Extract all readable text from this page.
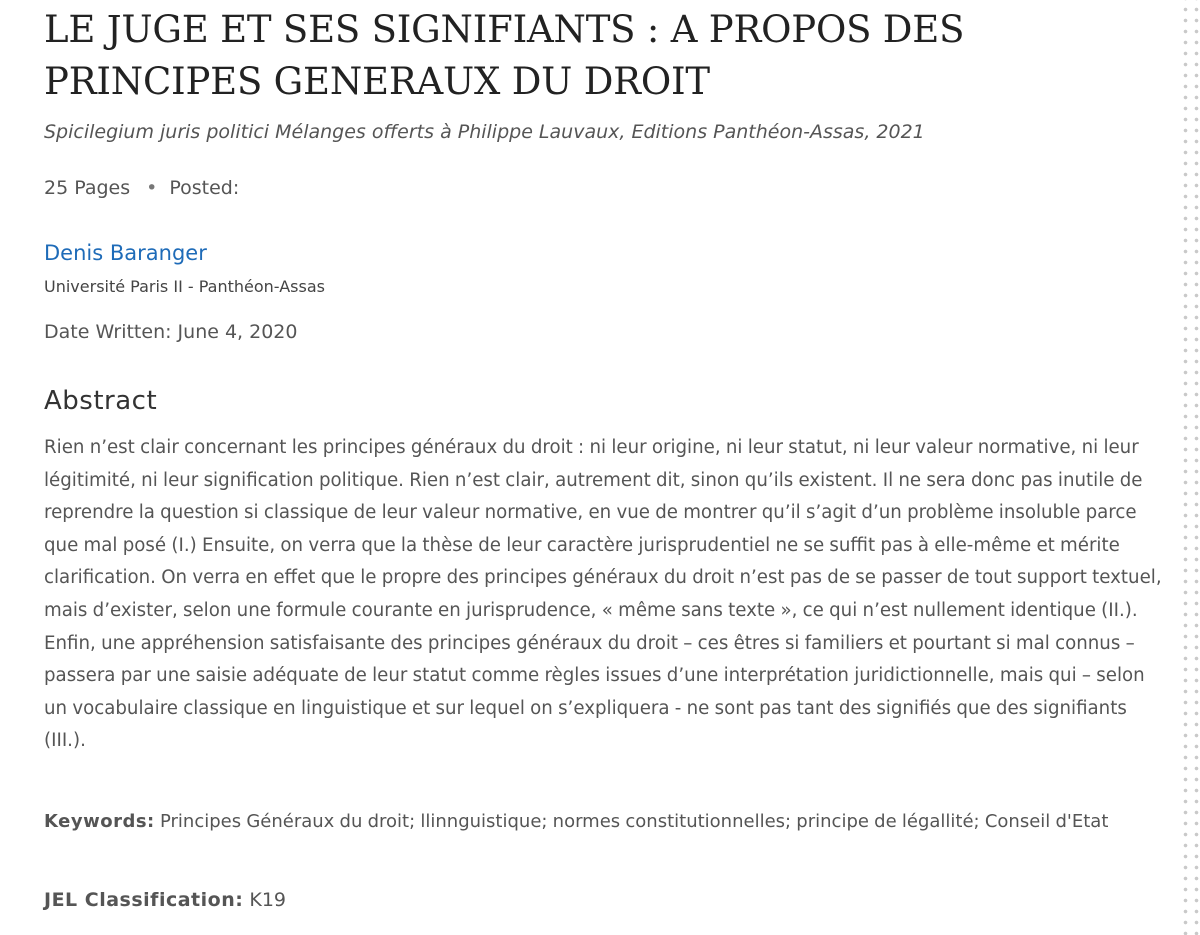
LE JUGE ET SES SIGNIFIANTS : A PROPOS DES
PRINCIPES GENERAUX DU DROIT
Spicilegium juris politici Mélanges offerts à Philippe Lauvaux, Editions Panthéon-Assas, 2021
25 Pages • Posted:
Denis Baranger
Université Paris II - Panthéon-Assas
Date Written: June 4, 2020
Abstract

Rien n’est clair concernant les principes généraux du droit : ni leur origine, ni leur statut, ni leur valeur normative, ni leur légitimité, ni leur signification politique. Rien n’est clair, autrement dit, sinon qu’ils existent. Il ne sera donc pas inutile de reprendre la question si classique de leur valeur normative, en vue de montrer qu’il s’agit d’un problème insoluble parce que mal posé (I.) Ensuite, on verra que la thèse de leur caractère jurisprudentiel ne se suffit pas à elle-même et mérite clarification. On verra en effet que le propre des principes généraux du droit n’est pas de se passer de tout support textuel, mais d’exister, selon une formule courante en jurisprudence, « même sans texte », ce qui n’est nullement identique (II.). Enfin, une appréhension satisfaisante des principes généraux du droit – ces êtres si familiers et pourtant si mal connus – passera par une saisie adéquate de leur statut comme règles issues d’une interprétation juridictionnelle, mais qui – selon un vocabulaire classique en linguistique et sur lequel on s’expliquera - ne sont pas tant des signifiés que des signifiants (III.).

Keywords: Principes Généraux du droit; llinnguistique; normes constitutionnelles; principe de légallité; Conseil d'Etat

JEL Classification: K19
